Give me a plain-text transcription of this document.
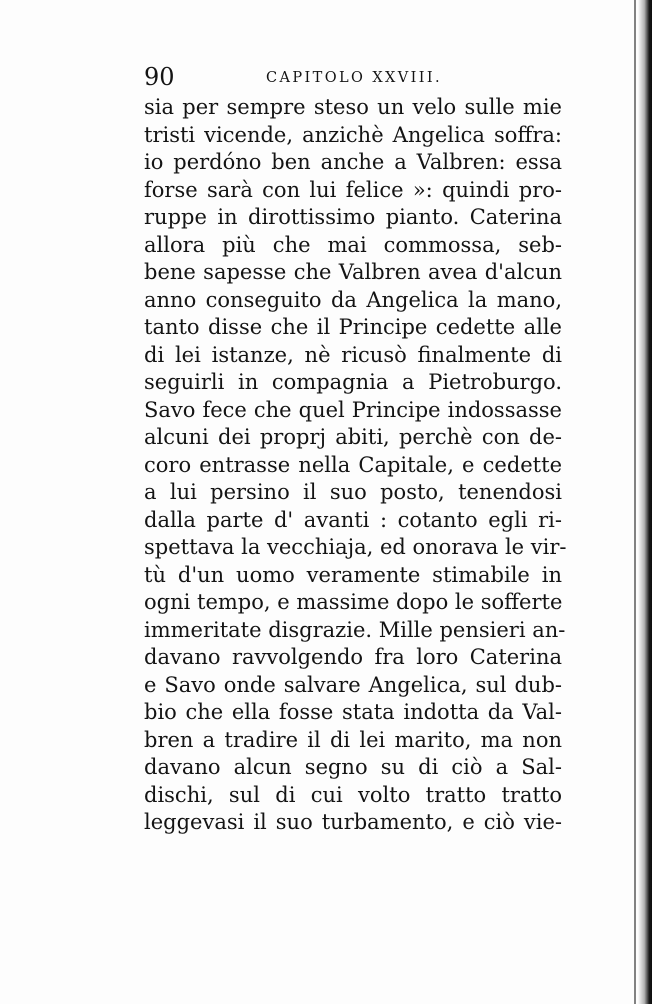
90	CAPITOLO XXVIII.
sia per sempre steso un velo sulle mie
tristi vicende, anzichè Angelica soffra:
io perdóno ben anche a Valbren: essa
forse sarà con lui felice »: quindi pro-
ruppe in dirottissimo pianto. Caterina
allora più che mai commossa, seb-
bene sapesse che Valbren avea d'alcun
anno conseguito da Angelica la mano,
tanto disse che il Principe cedette alle
di lei istanze, nè ricusò finalmente di
seguirli in compagnia a Pietroburgo.
Savo fece che quel Principe indossasse
alcuni dei proprj abiti, perchè con de-
coro entrasse nella Capitale, e cedette
a lui persino il suo posto, tenendosi
dalla parte d' avanti : cotanto egli ri-
spettava la vecchiaja, ed onorava le vir-
tù d'un uomo veramente stimabile in
ogni tempo, e massime dopo le sofferte
immeritate disgrazie. Mille pensieri an-
davano ravvolgendo fra loro Caterina
e Savo onde salvare Angelica, sul dub-
bio che ella fosse stata indotta da Val-
bren a tradire il di lei marito, ma non
davano alcun segno su di ciò a Sal-
dischi, sul di cui volto tratto tratto
leggevasi il suo turbamento, e ciò vie-
